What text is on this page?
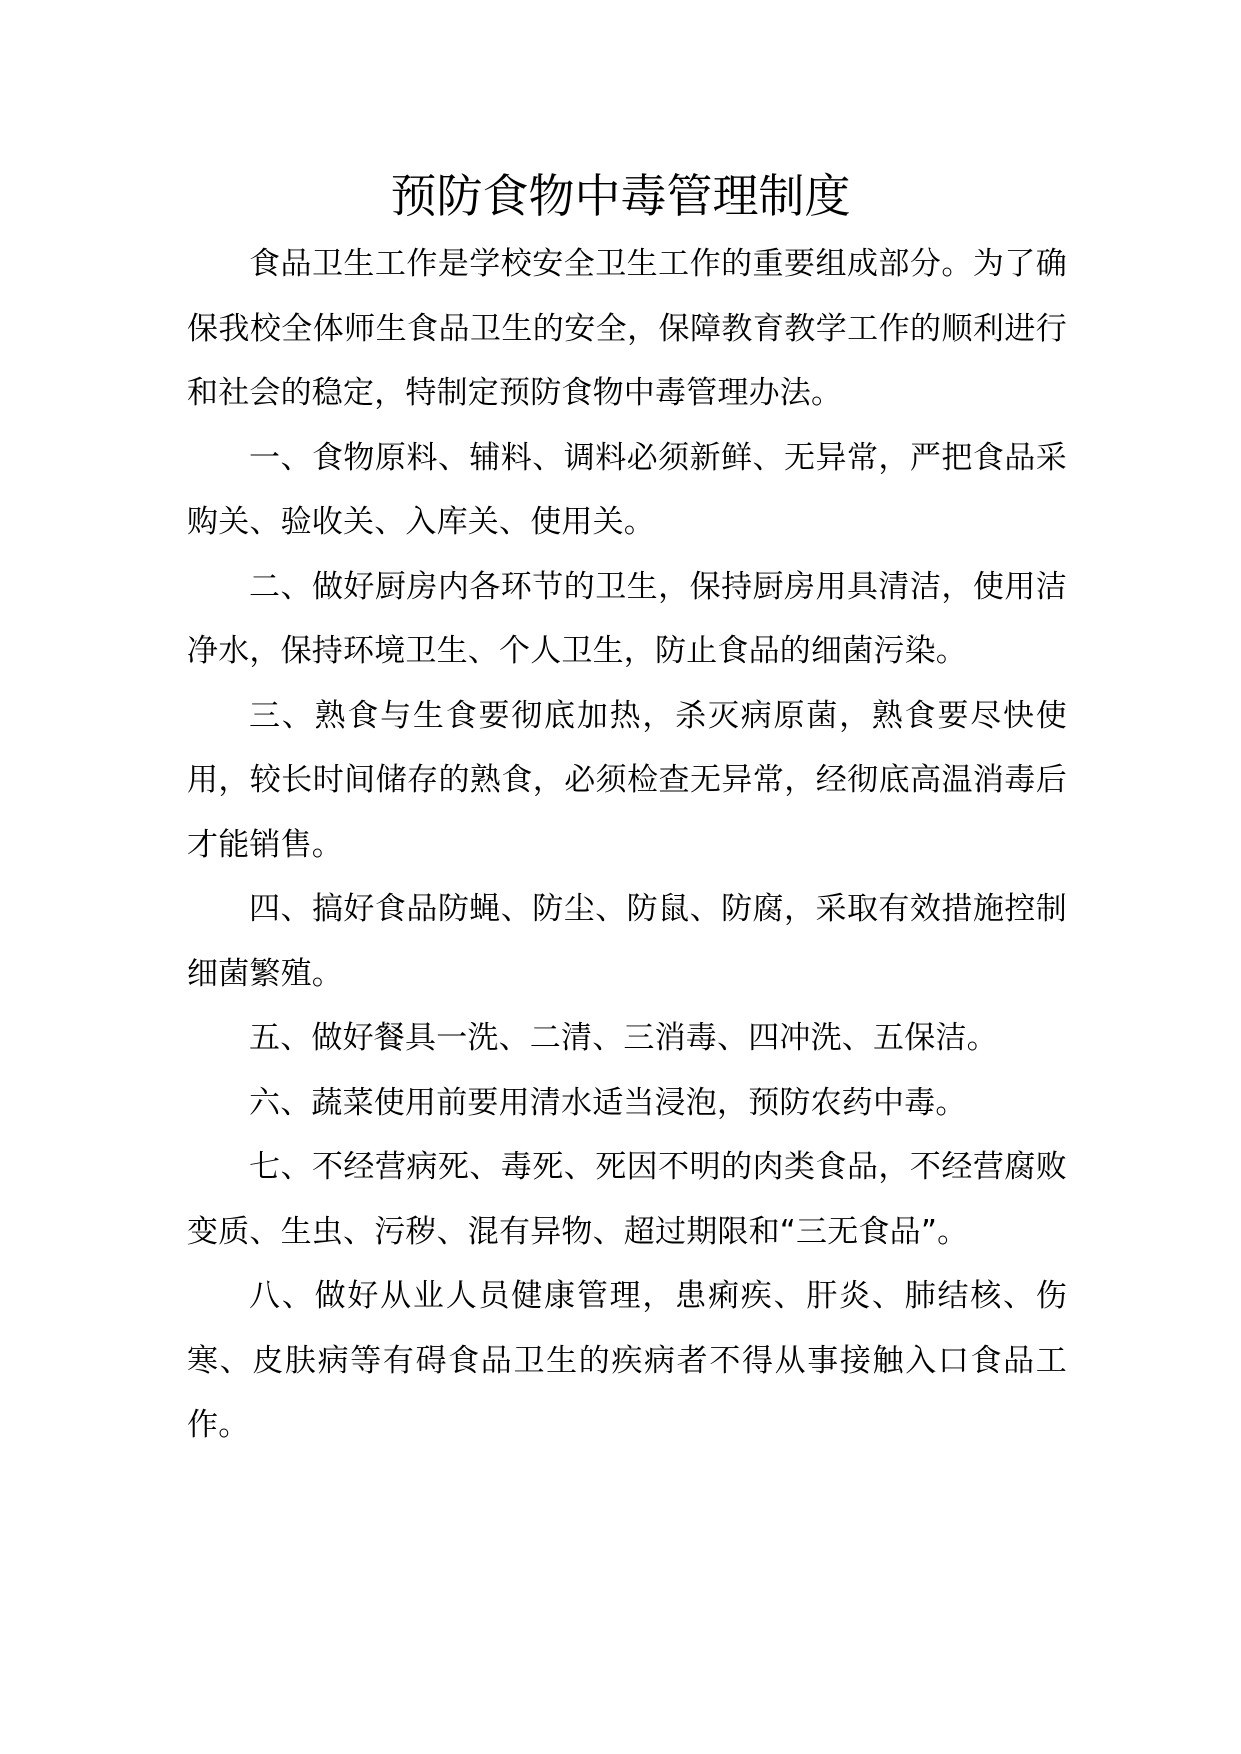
预防食物中毒管理制度

食品卫生工作是学校安全卫生工作的重要组成部分。为了确保我校全体师生食品卫生的安全，保障教育教学工作的顺利进行和社会的稳定，特制定预防食物中毒管理办法。

一、食物原料、辅料、调料必须新鲜、无异常，严把食品采购关、验收关、入库关、使用关。

二、做好厨房内各环节的卫生，保持厨房用具清洁，使用洁净水，保持环境卫生、个人卫生，防止食品的细菌污染。

三、熟食与生食要彻底加热，杀灭病原菌，熟食要尽快使用，较长时间储存的熟食，必须检查无异常，经彻底高温消毒后才能销售。

四、搞好食品防蝇、防尘、防鼠、防腐，采取有效措施控制细菌繁殖。

五、做好餐具一洗、二清、三消毒、四冲洗、五保洁。

六、蔬菜使用前要用清水适当浸泡，预防农药中毒。

七、不经营病死、毒死、死因不明的肉类食品，不经营腐败变质、生虫、污秽、混有异物、超过期限和“三无食品”。

八、做好从业人员健康管理，患痢疾、肝炎、肺结核、伤寒、皮肤病等有碍食品卫生的疾病者不得从事接触入口食品工作。
